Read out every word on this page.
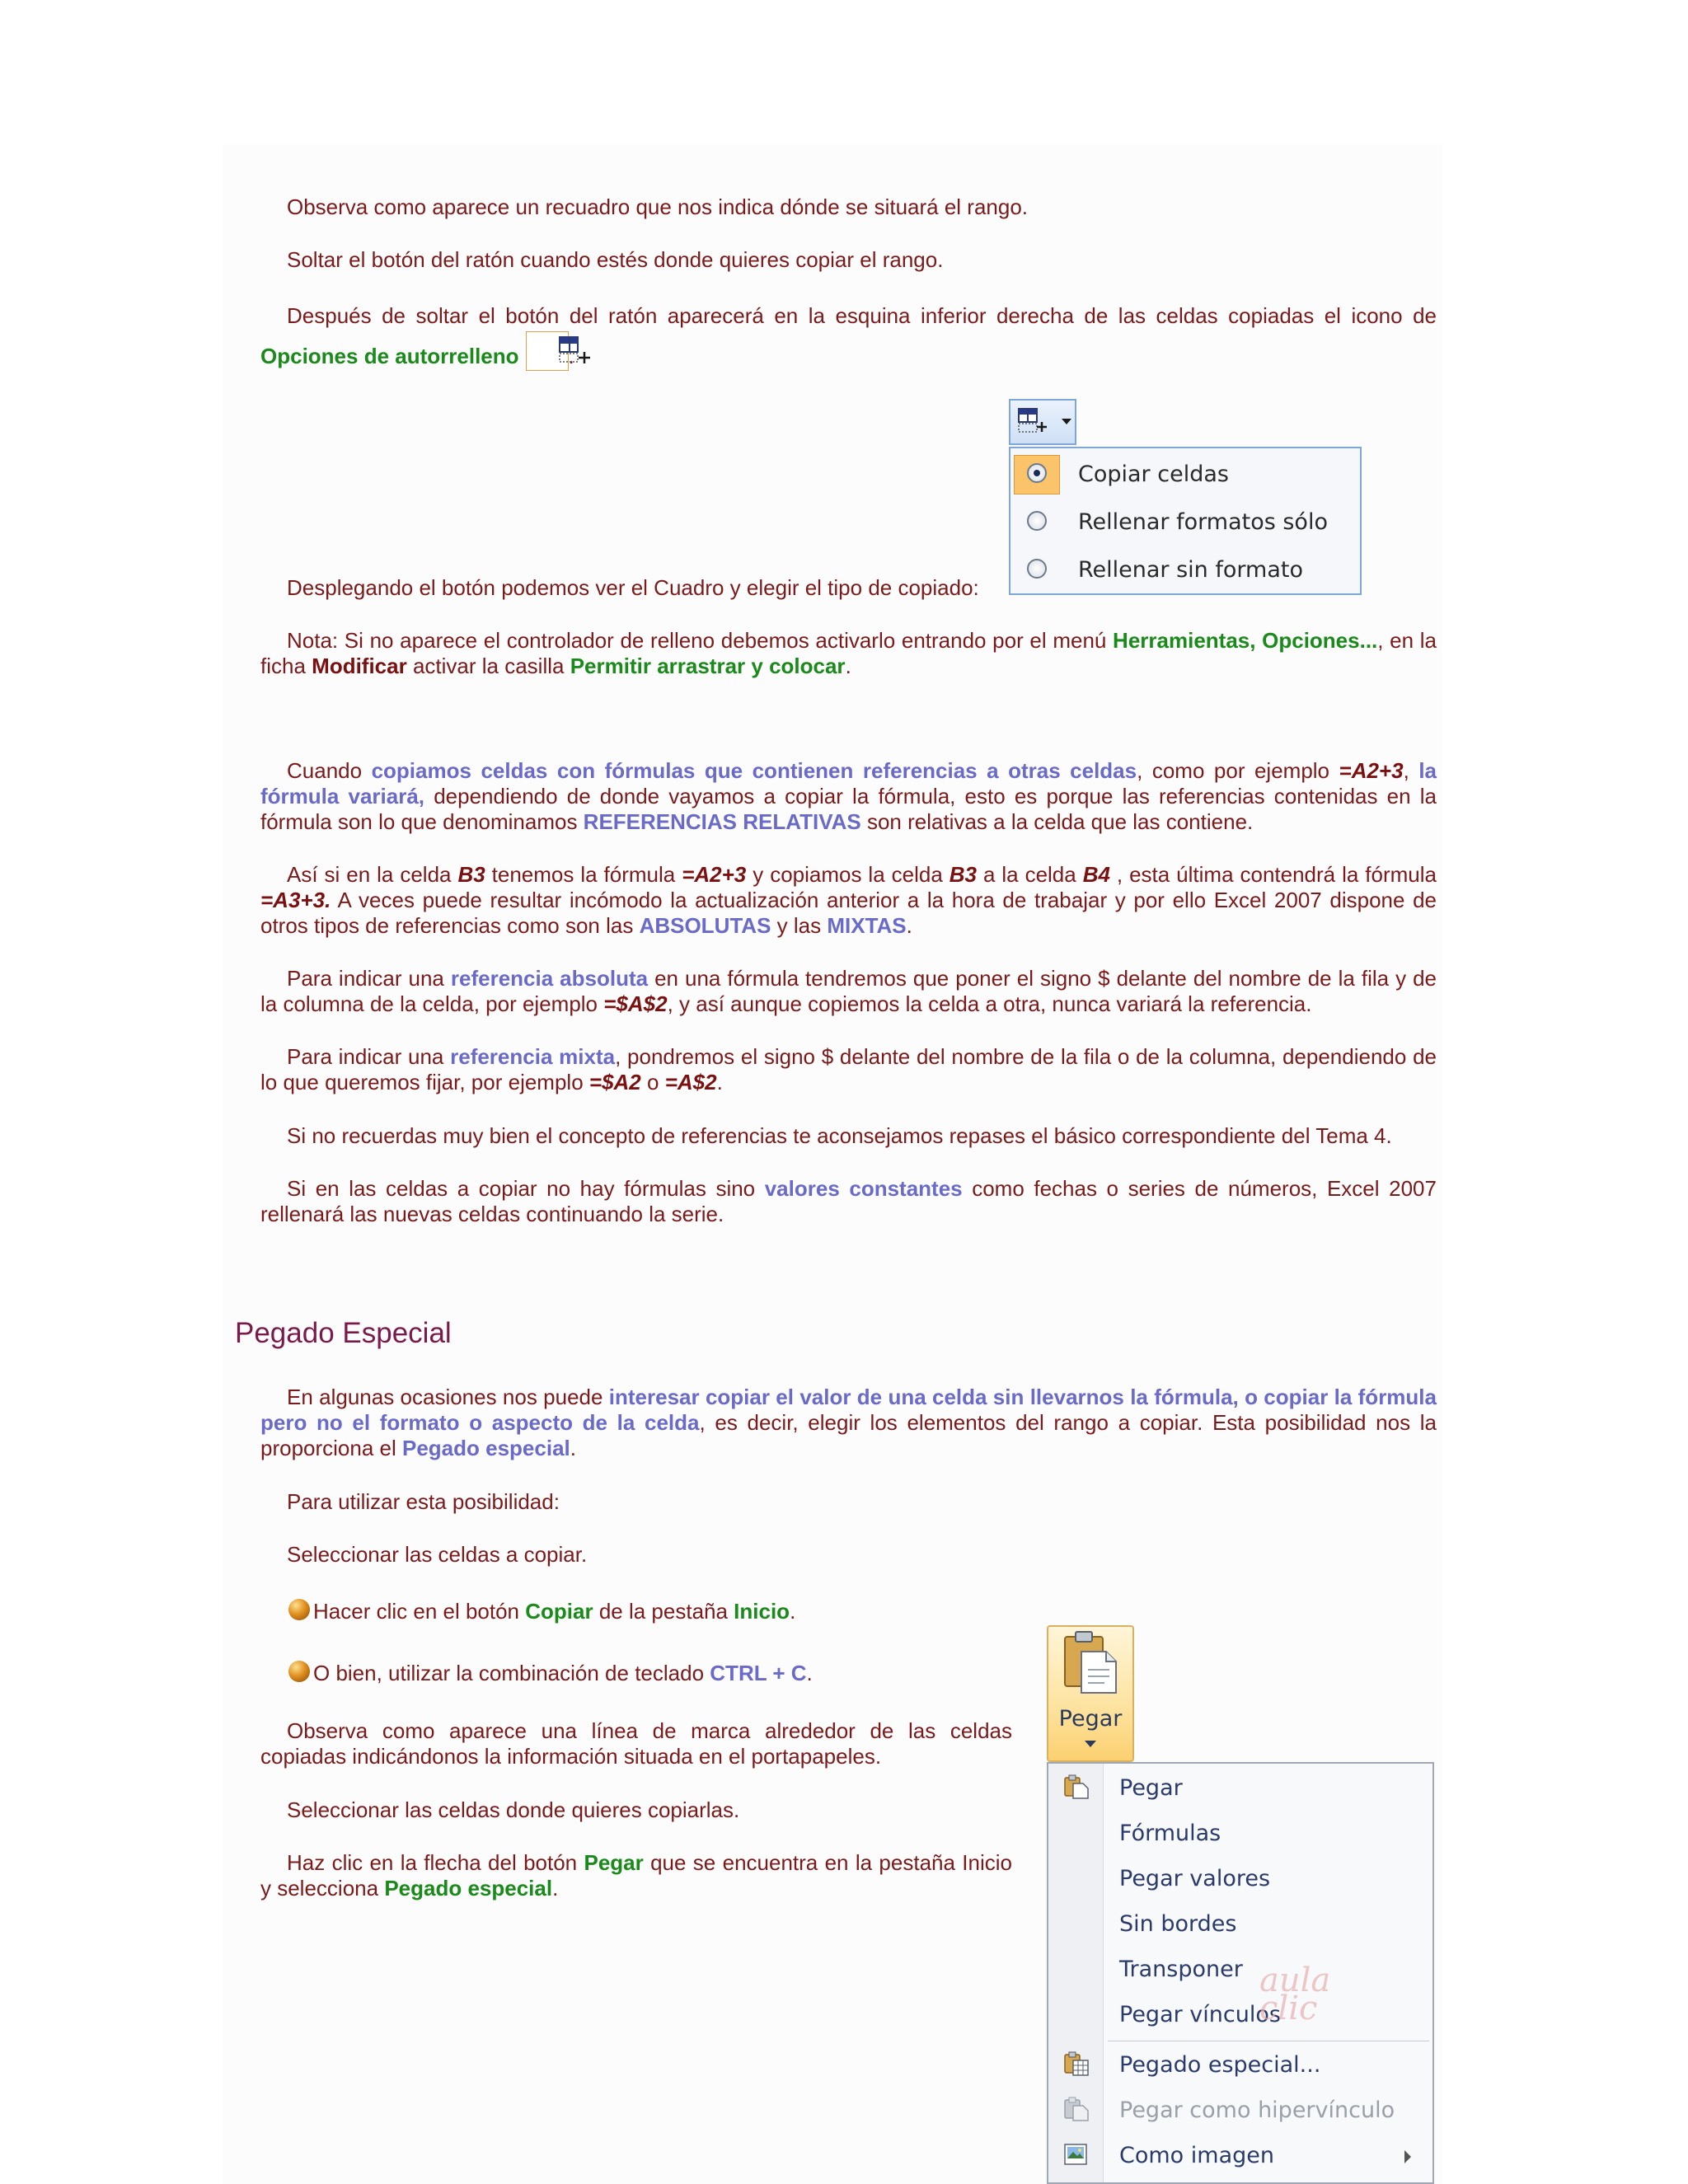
Observa como aparece un recuadro que nos indica dónde se situará el rango.

Soltar el botón del ratón cuando estés donde quieres copiar el rango.

Después de soltar el botón del ratón aparecerá en la esquina inferior derecha de las celdas copiadas el icono de Opciones de autorrelleno

Desplegando el botón podemos ver el Cuadro y elegir el tipo de copiado:

Copiar celdas
Rellenar formatos sólo
Rellenar sin formato

Nota: Si no aparece el controlador de relleno debemos activarlo entrando por el menú Herramientas, Opciones..., en la ficha Modificar activar la casilla Permitir arrastrar y colocar.

Cuando copiamos celdas con fórmulas que contienen referencias a otras celdas, como por ejemplo =A2+3, la fórmula variará, dependiendo de donde vayamos a copiar la fórmula, esto es porque las referencias contenidas en la fórmula son lo que denominamos REFERENCIAS RELATIVAS son relativas a la celda que las contiene.

Así si en la celda B3 tenemos la fórmula =A2+3 y copiamos la celda B3 a la celda B4 , esta última contendrá la fórmula =A3+3. A veces puede resultar incómodo la actualización anterior a la hora de trabajar y por ello Excel 2007 dispone de otros tipos de referencias como son las ABSOLUTAS y las MIXTAS.

Para indicar una referencia absoluta en una fórmula tendremos que poner el signo $ delante del nombre de la fila y de la columna de la celda, por ejemplo =$A$2, y así aunque copiemos la celda a otra, nunca variará la referencia.

Para indicar una referencia mixta, pondremos el signo $ delante del nombre de la fila o de la columna, dependiendo de lo que queremos fijar, por ejemplo =$A2 o =A$2.

Si no recuerdas muy bien el concepto de referencias te aconsejamos repases el básico correspondiente del Tema 4.

Si en las celdas a copiar no hay fórmulas sino valores constantes como fechas o series de números, Excel 2007 rellenará las nuevas celdas continuando la serie.

Pegado Especial

En algunas ocasiones nos puede interesar copiar el valor de una celda sin llevarnos la fórmula, o copiar la fórmula pero no el formato o aspecto de la celda, es decir, elegir los elementos del rango a copiar. Esta posibilidad nos la proporciona el Pegado especial.

Para utilizar esta posibilidad:

Seleccionar las celdas a copiar.

Hacer clic en el botón Copiar de la pestaña Inicio.

O bien, utilizar la combinación de teclado CTRL + C.

Observa como aparece una línea de marca alrededor de las celdas copiadas indicándonos la información situada en el portapapeles.

Seleccionar las celdas donde quieres copiarlas.

Haz clic en la flecha del botón Pegar que se encuentra en la pestaña Inicio y selecciona Pegado especial.

Pegar
Pegar
Fórmulas
Pegar valores
Sin bordes
Transponer
Pegar vínculos
Pegado especial...
Pegar como hipervínculo
Como imagen
aula
clic
